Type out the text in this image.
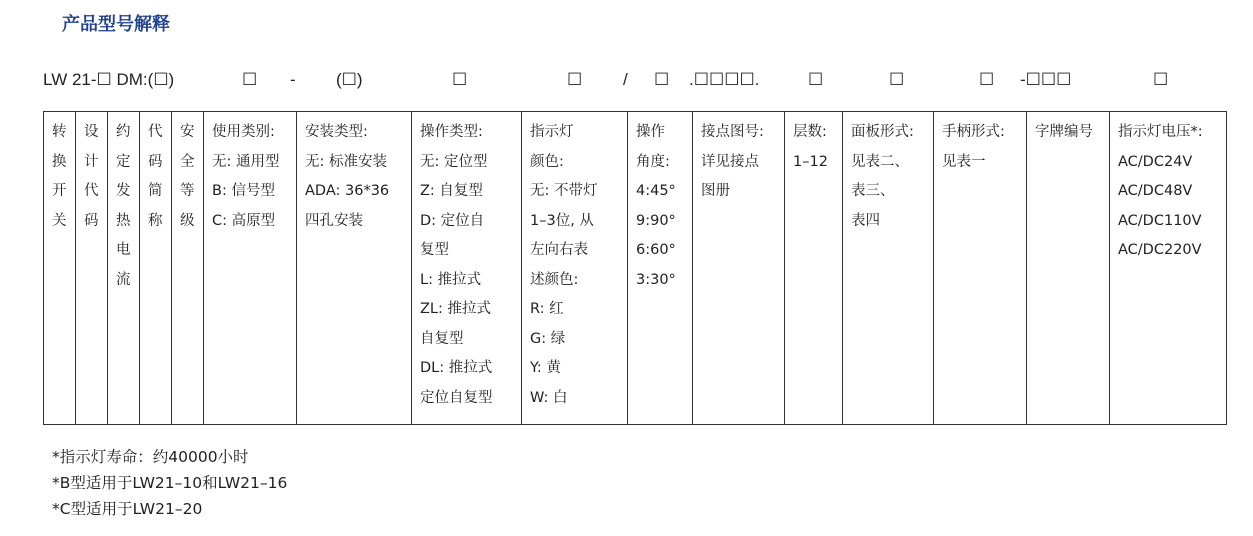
产品型号解释
LW 21-☐ DM:(☐)	☐ - (☐)	☐	☐ / ☐ .☐☐☐☐.	☐	☐	☐ -☐☐☐	☐
转
换
开
关

设
计
代
码

约
定
发
热
电
流

代
码
简
称

安
全
等
级

使用类别:
无: 通用型
B: 信号型
C: 高原型

安装类型:
无: 标准安装
ADA: 36*36
四孔安装

操作类型:
无: 定位型
Z: 自复型
D: 定位自
复型
L: 推拉式
ZL: 推拉式
自复型
DL: 推拉式
定位自复型

指示灯
颜色:
无: 不带灯
1–3位, 从
左向右表
述颜色:
R: 红
G: 绿
Y: 黄
W: 白

操作
角度:
4:45°
9:90°
6:60°
3:30°

接点图号:
详见接点
图册

层数:
1–12

面板形式:
见表二、
表三、
表四

手柄形式:
见表一

字牌编号	指示灯电压*:
AC/DC24V
AC/DC48V
AC/DC110V
AC/DC220V
*指示灯寿命：约40000小时
*B型适用于LW21–10和LW21–16
*C型适用于LW21–20
